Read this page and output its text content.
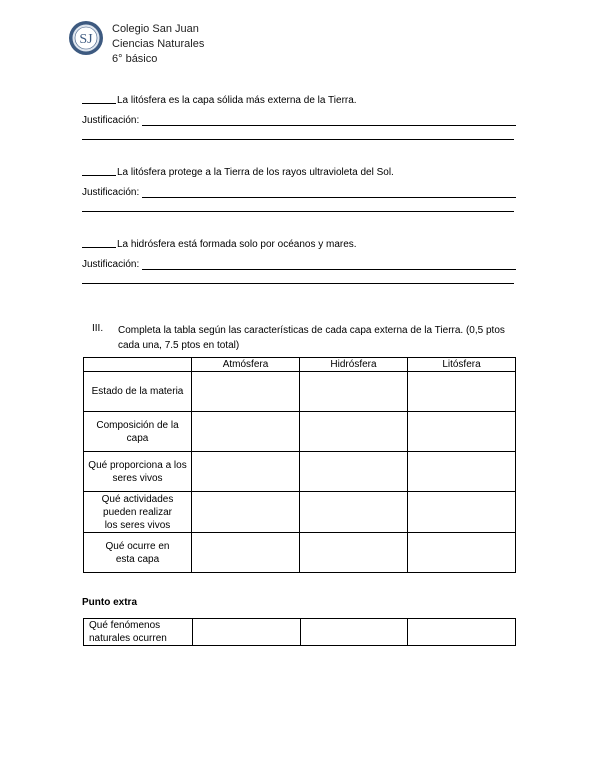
SJ
Colegio San Juan
Ciencias Naturales
6° básico
La litósfera es la capa sólida más externa de la Tierra.
Justificación:
La litósfera protege a la Tierra de los rayos ultravioleta del Sol.
Justificación:
La hidrósfera está formada solo por océanos y mares.
Justificación:
III. Completa la tabla según las características de cada capa externa de la Tierra. (0,5 ptos cada una, 7.5 ptos en total)
	Atmósfera	Hidrósfera	Litósfera
Estado de la materia			
Composición de la capa			
Qué proporciona a los seres vivos			
Qué actividades pueden realizar los seres vivos			
Qué ocurre en esta capa			
Punto extra
Qué fenómenos naturales ocurren			
